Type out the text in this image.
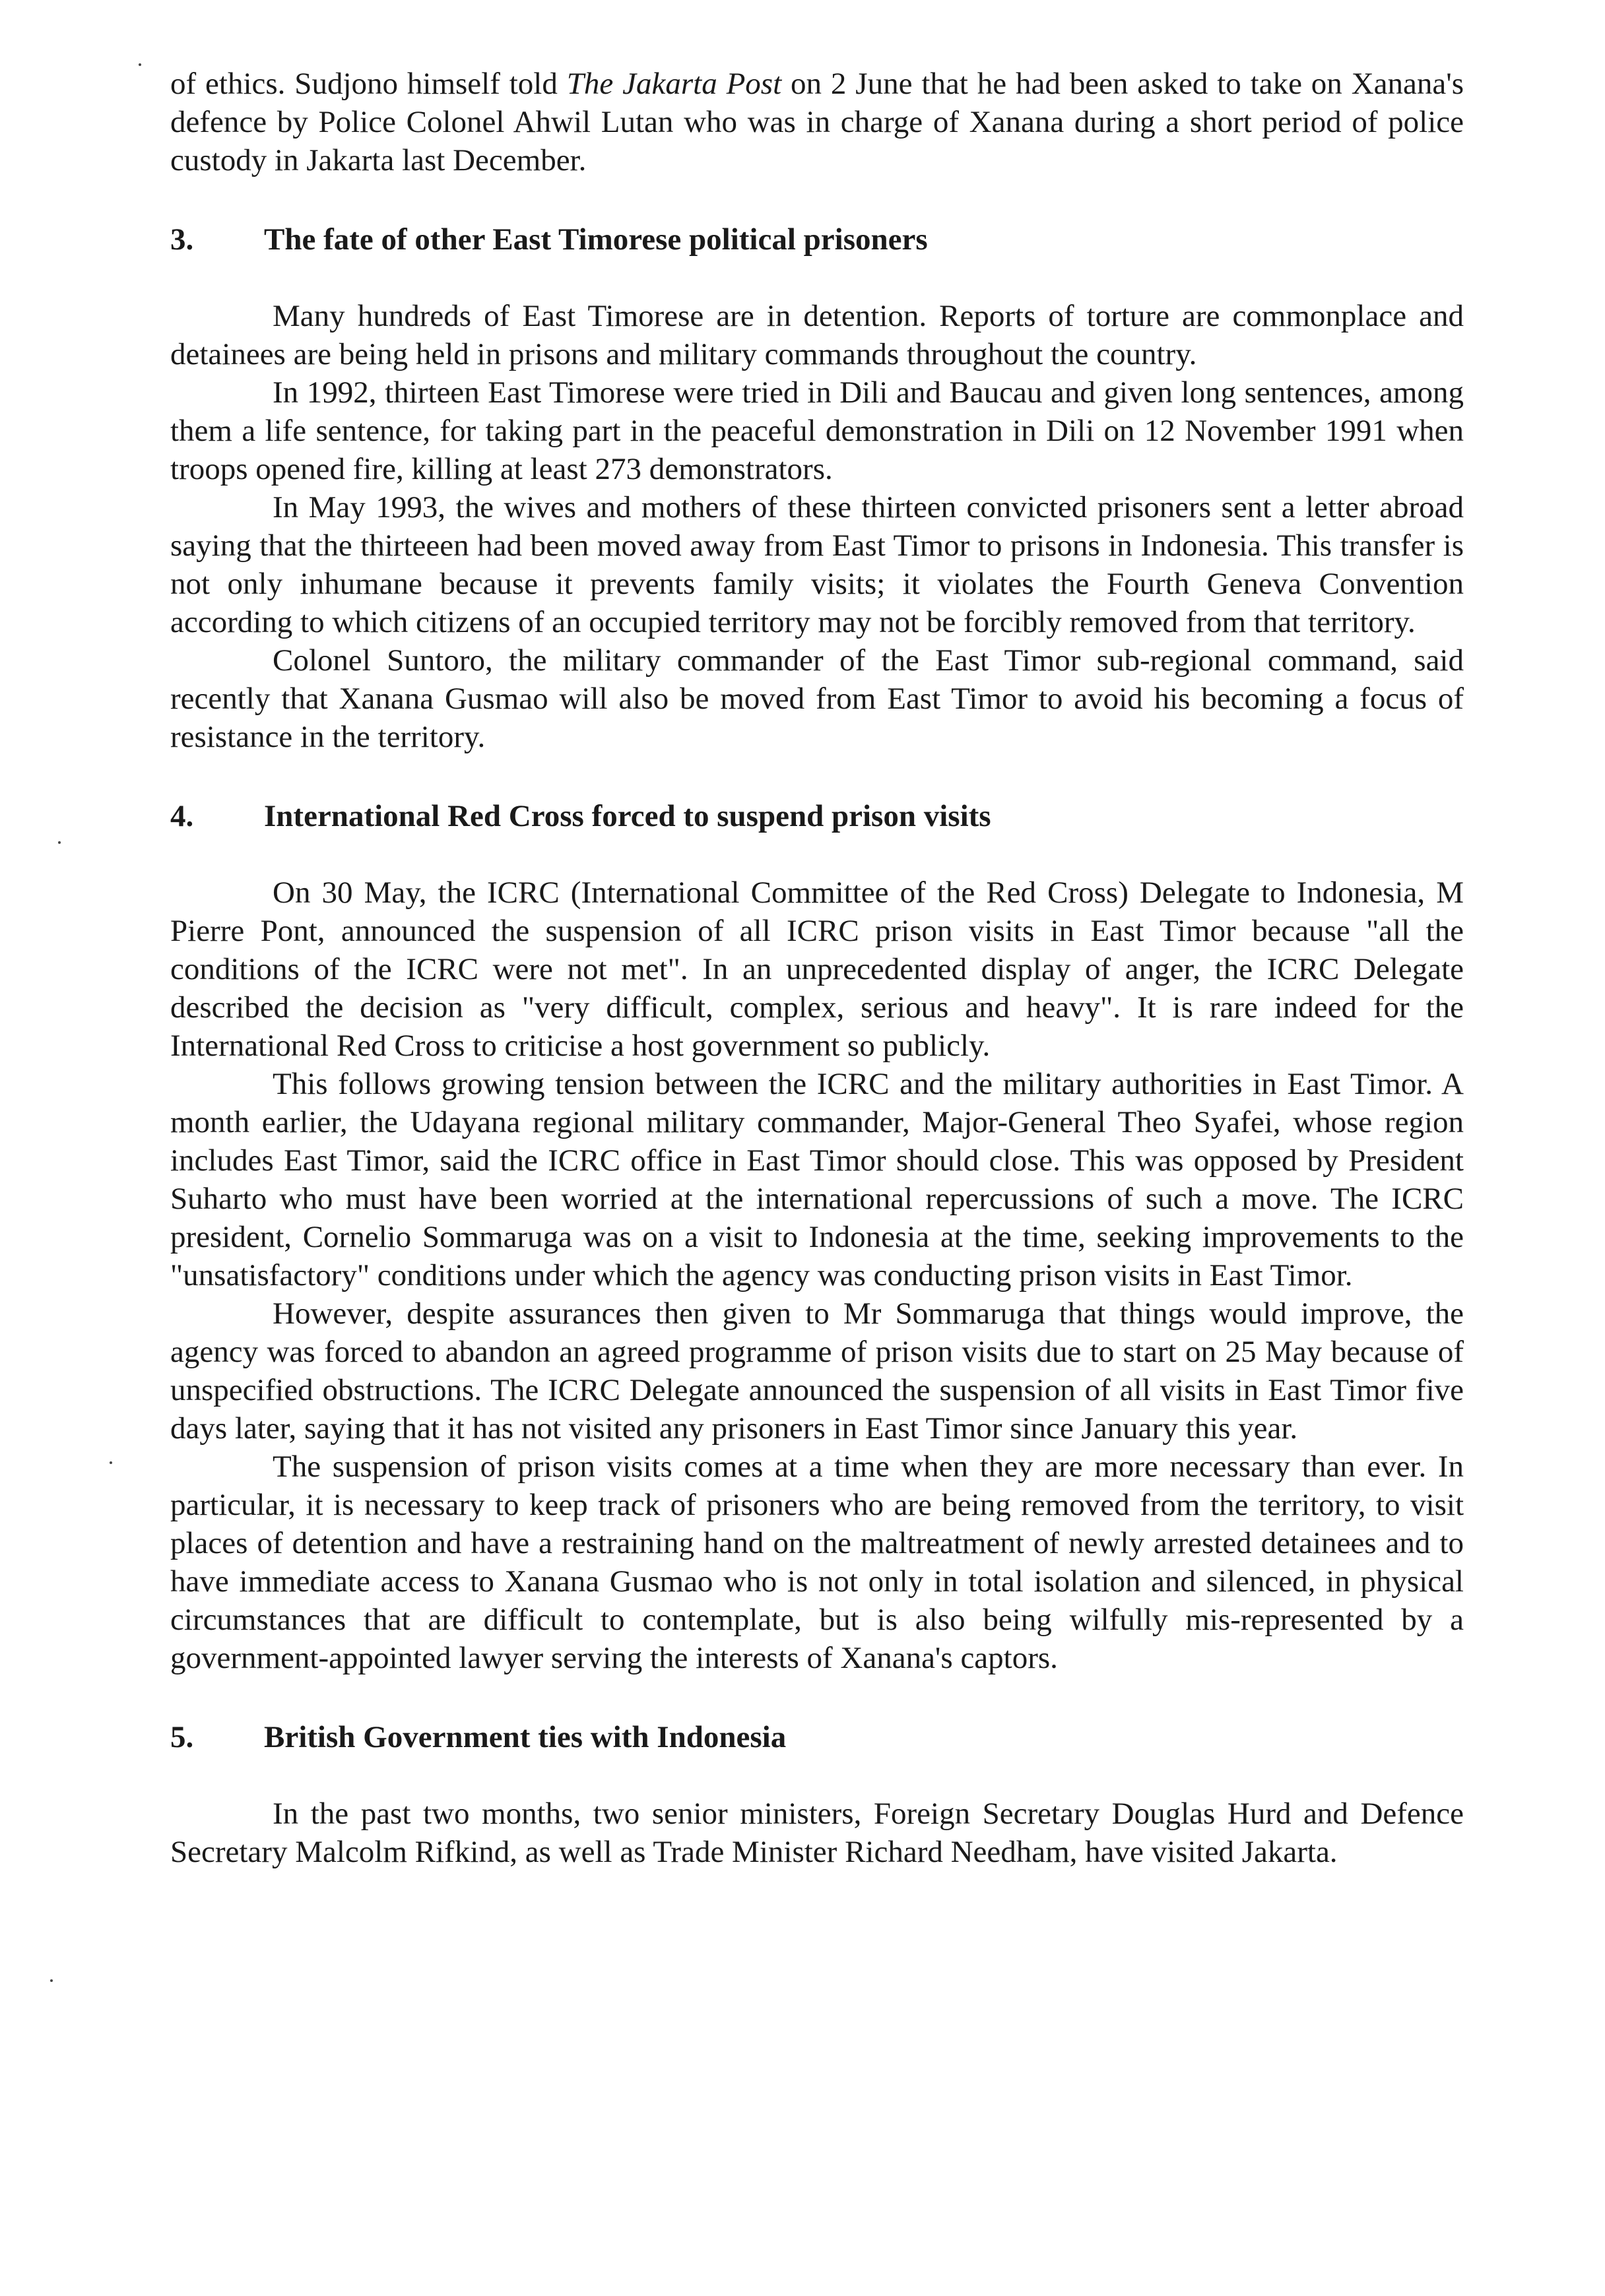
of ethics. Sudjono himself told The Jakarta Post on 2 June that he had been asked to take on Xanana's defence by Police Colonel Ahwil Lutan who was in charge of Xanana during a short period of police custody in Jakarta last December.

3.	The fate of other East Timorese political prisoners

Many hundreds of East Timorese are in detention. Reports of torture are commonplace and detainees are being held in prisons and military commands throughout the country.

In 1992, thirteen East Timorese were tried in Dili and Baucau and given long sentences, among them a life sentence, for taking part in the peaceful demonstration in Dili on 12 November 1991 when troops opened fire, killing at least 273 demonstrators.

In May 1993, the wives and mothers of these thirteen convicted prisoners sent a letter abroad saying that the thirteeen had been moved away from East Timor to prisons in Indonesia. This transfer is not only inhumane because it prevents family visits; it violates the Fourth Geneva Convention according to which citizens of an occupied territory may not be forcibly removed from that territory.

Colonel Suntoro, the military commander of the East Timor sub-regional command, said recently that Xanana Gusmao will also be moved from East Timor to avoid his becoming a focus of resistance in the territory.

4.	International Red Cross forced to suspend prison visits

On 30 May, the ICRC (International Committee of the Red Cross) Delegate to Indonesia, M Pierre Pont, announced the suspension of all ICRC prison visits in East Timor because "all the conditions of the ICRC were not met". In an unprecedented display of anger, the ICRC Delegate described the decision as "very difficult, complex, serious and heavy". It is rare indeed for the International Red Cross to criticise a host government so publicly.

This follows growing tension between the ICRC and the military authorities in East Timor. A month earlier, the Udayana regional military commander, Major-General Theo Syafei, whose region includes East Timor, said the ICRC office in East Timor should close. This was opposed by President Suharto who must have been worried at the international repercussions of such a move. The ICRC president, Cornelio Sommaruga was on a visit to Indonesia at the time, seeking improvements to the "unsatisfactory" conditions under which the agency was conducting prison visits in East Timor.

However, despite assurances then given to Mr Sommaruga that things would improve, the agency was forced to abandon an agreed programme of prison visits due to start on 25 May because of unspecified obstructions. The ICRC Delegate announced the suspension of all visits in East Timor five days later, saying that it has not visited any prisoners in East Timor since January this year.

The suspension of prison visits comes at a time when they are more necessary than ever. In particular, it is necessary to keep track of prisoners who are being removed from the territory, to visit places of detention and have a restraining hand on the maltreatment of newly arrested detainees and to have immediate access to Xanana Gusmao who is not only in total isolation and silenced, in physical circumstances that are difficult to contemplate, but is also being wilfully mis-represented by a government-appointed lawyer serving the interests of Xanana's captors.

5.	British Government ties with Indonesia

In the past two months, two senior ministers, Foreign Secretary Douglas Hurd and Defence Secretary Malcolm Rifkind, as well as Trade Minister Richard Needham, have visited Jakarta.
